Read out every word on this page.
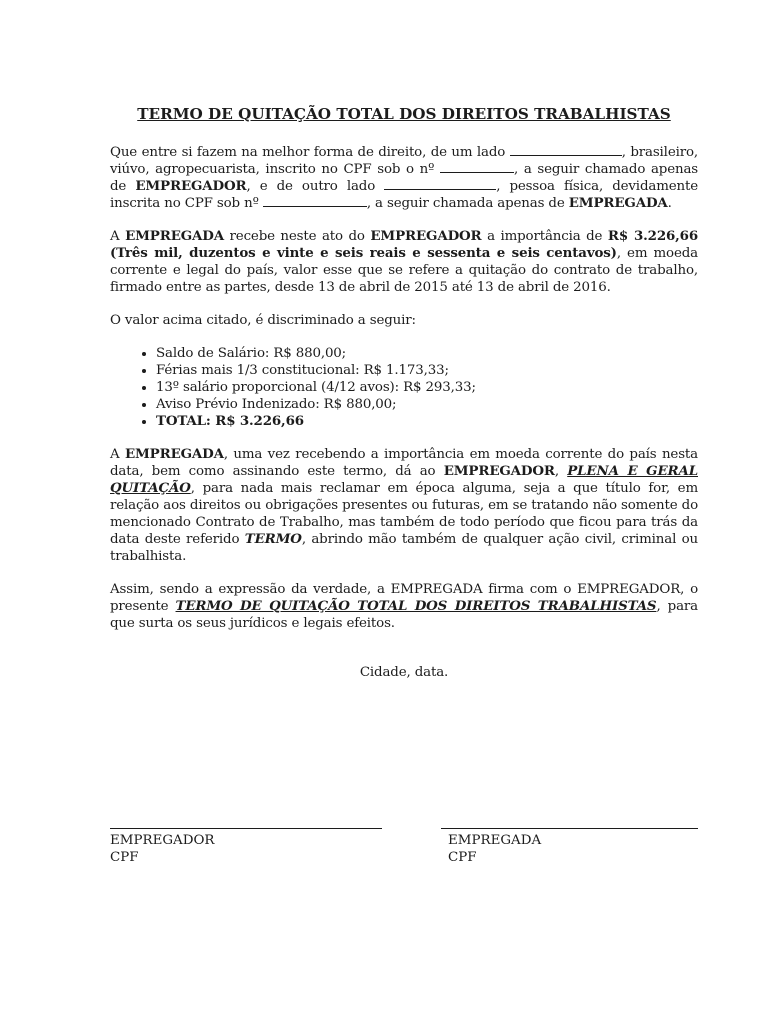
TERMO DE QUITAÇÃO TOTAL DOS DIREITOS TRABALHISTAS

Que entre si fazem na melhor forma de direito, de um lado	, brasileiro, viúvo, agropecuarista, inscrito no CPF sob o nº	, a seguir chamado apenas de EMPREGADOR, e de outro lado	, pessoa física, devidamente inscrita no CPF sob nº	, a seguir chamada apenas de EMPREGADA.

A EMPREGADA recebe neste ato do EMPREGADOR a importância de R$ 3.226,66 (Três mil, duzentos e vinte e seis reais e sessenta e seis centavos), em moeda corrente e legal do país, valor esse que se refere a quitação do contrato de trabalho, firmado entre as partes, desde 13 de abril de 2015 até 13 de abril de 2016.

O valor acima citado, é discriminado a seguir:

• Saldo de Salário: R$ 880,00;
• Férias mais 1/3 constitucional: R$ 1.173,33;
• 13º salário proporcional (4/12 avos): R$ 293,33;
• Aviso Prévio Indenizado: R$ 880,00;
• TOTAL: R$ 3.226,66

A EMPREGADA, uma vez recebendo a importância em moeda corrente do país nesta data, bem como assinando este termo, dá ao EMPREGADOR, PLENA E GERAL QUITAÇÃO, para nada mais reclamar em época alguma, seja a que título for, em relação aos direitos ou obrigações presentes ou futuras, em se tratando não somente do mencionado Contrato de Trabalho, mas também de todo período que ficou para trás da data deste referido TERMO, abrindo mão também de qualquer ação civil, criminal ou trabalhista.

Assim, sendo a expressão da verdade, a EMPREGADA firma com o EMPREGADOR, o presente TERMO DE QUITAÇÃO TOTAL DOS DIREITOS TRABALHISTAS, para que surta os seus jurídicos e legais efeitos.

Cidade, data.

EMPREGADOR
CPF
EMPREGADA
CPF
